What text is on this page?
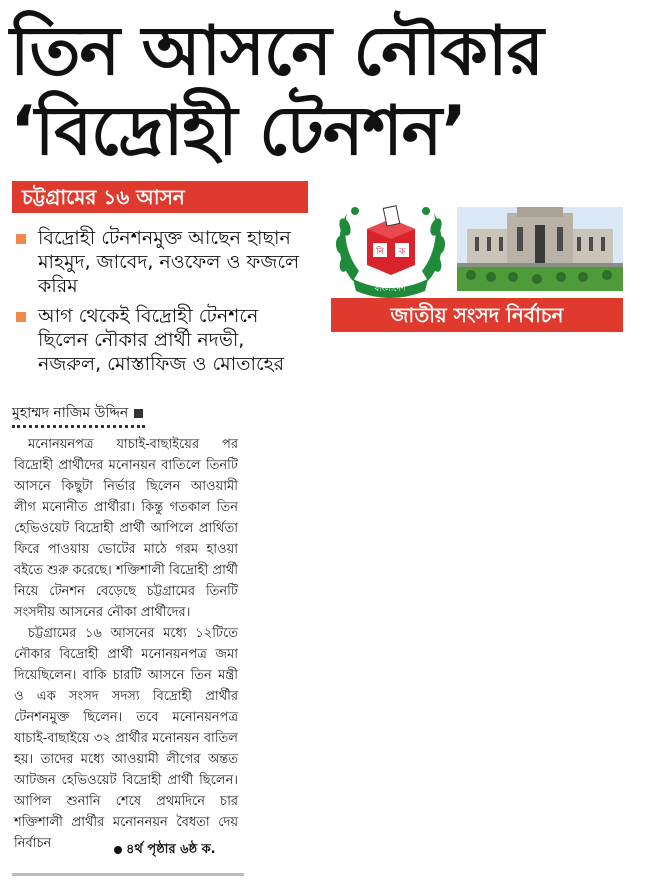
তিন আসনে নৌকার
‘বিদ্রোহী টেনশন’
চট্টগ্রামের ১৬ আসন
বিদ্রোহী টেনশনমুক্ত আছেন হাছান মাহমুদ, জাবেদ, নওফেল ও ফজলে করিম
আগ থেকেই বিদ্রোহী টেনশনে ছিলেন নৌকার প্রার্থী নদভী, নজরুল, মোস্তাফিজ ও মোতাহের
নি ক
বাংলাদেশ
জাতীয় সংসদ নির্বাচন
মুহাম্মদ নাজিম উদ্দিন

মনোনয়নপত্র যাচাই-বাছাইয়ের পর বিদ্রোহী প্রার্থীদের মনোনয়ন বাতিলে তিনটি আসনে কিছুটা নির্ভার ছিলেন আওয়ামী লীগ মনোনীত প্রার্থীরা। কিন্তু গতকাল তিন হেভিওয়েট বিদ্রোহী প্রার্থী আপিলে প্রার্থিতা ফিরে পাওয়ায় ভোটের মাঠে গরম হাওয়া বইতে শুরু করেছে। শক্তিশালী বিদ্রোহী প্রার্থী নিয়ে টেনশন বেড়েছে চট্টগ্রামের তিনটি সংসদীয় আসনের নৌকা প্রার্থীদের।

চট্টগ্রামের ১৬ আসনের মধ্যে ১২টিতে নৌকার বিদ্রোহী প্রার্থী মনোনয়নপত্র জমা দিয়েছিলেন। বাকি চারটি আসনে তিন মন্ত্রী ও এক সংসদ সদস্য বিদ্রোহী প্রার্থীর টেনশনমুক্ত ছিলেন। তবে মনোনয়নপত্র যাচাই-বাছাইয়ে ৩২ প্রার্থীর মনোনয়ন বাতিল হয়। তাদের মধ্যে আওয়ামী লীগের অন্তত আটজন হেভিওয়েট বিদ্রোহী প্রার্থী ছিলেন। আপিল শুনানি শেষে প্রথমদিনে চার শক্তিশালী প্রার্থীর মনোননয়ন বৈধতা দেয় নির্বাচন	৪র্থ পৃষ্ঠার ৬ষ্ঠ ক.
